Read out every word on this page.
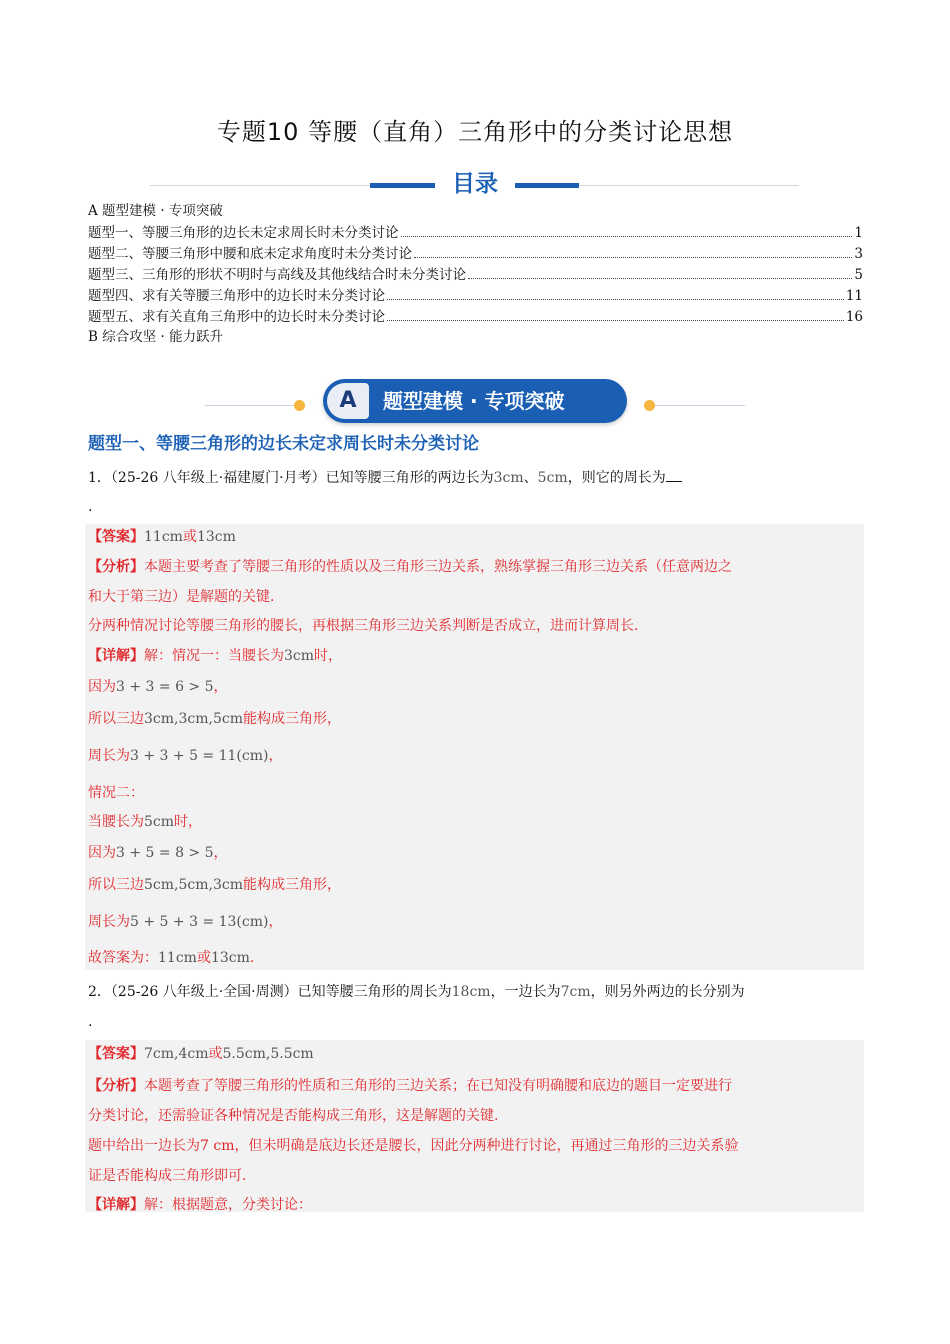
专题10 等腰（直角）三角形中的分类讨论思想
目录
A 题型建模 · 专项突破
题型一、等腰三角形的边长未定求周长时未分类讨论	1
题型二、等腰三角形中腰和底未定求角度时未分类讨论	3
题型三、三角形的形状不明时与高线及其他线结合时未分类讨论	5
题型四、求有关等腰三角形中的边长时未分类讨论	11
题型五、求有关直角三角形中的边长时未分类讨论	16
B 综合攻坚 · 能力跃升
A	题型建模 · 专项突破
题型一、等腰三角形的边长未定求周长时未分类讨论
1．（25-26 八年级上·福建厦门·月考）已知等腰三角形的两边长为3cm、5cm，则它的周长为
.
【答案】11cm或13cm
【分析】本题主要考查了等腰三角形的性质以及三角形三边关系，熟练掌握三角形三边关系（任意两边之
和大于第三边）是解题的关键.
分两种情况讨论等腰三角形的腰长，再根据三角形三边关系判断是否成立，进而计算周长.
【详解】解：情况一：当腰长为3cm时，
因为3 + 3 = 6 > 5，
所以三边3cm,3cm,5cm能构成三角形，
周长为3 + 3 + 5 = 11(cm)，
情况二：
当腰长为5cm时，
因为3 + 5 = 8 > 5，
所以三边5cm,5cm,3cm能构成三角形，
周长为5 + 5 + 3 = 13(cm)，
故答案为：11cm或13cm.
2．（25-26 八年级上·全国·周测）已知等腰三角形的周长为18cm，一边长为7cm，则另外两边的长分别为
.
【答案】7cm,4cm或5.5cm,5.5cm
【分析】本题考查了等腰三角形的性质和三角形的三边关系；在已知没有明确腰和底边的题目一定要进行
分类讨论，还需验证各种情况是否能构成三角形，这是解题的关键.
题中给出一边长为7 cm，但未明确是底边长还是腰长，因此分两种进行讨论，再通过三角形的三边关系验
证是否能构成三角形即可.
【详解】解：根据题意，分类讨论：
